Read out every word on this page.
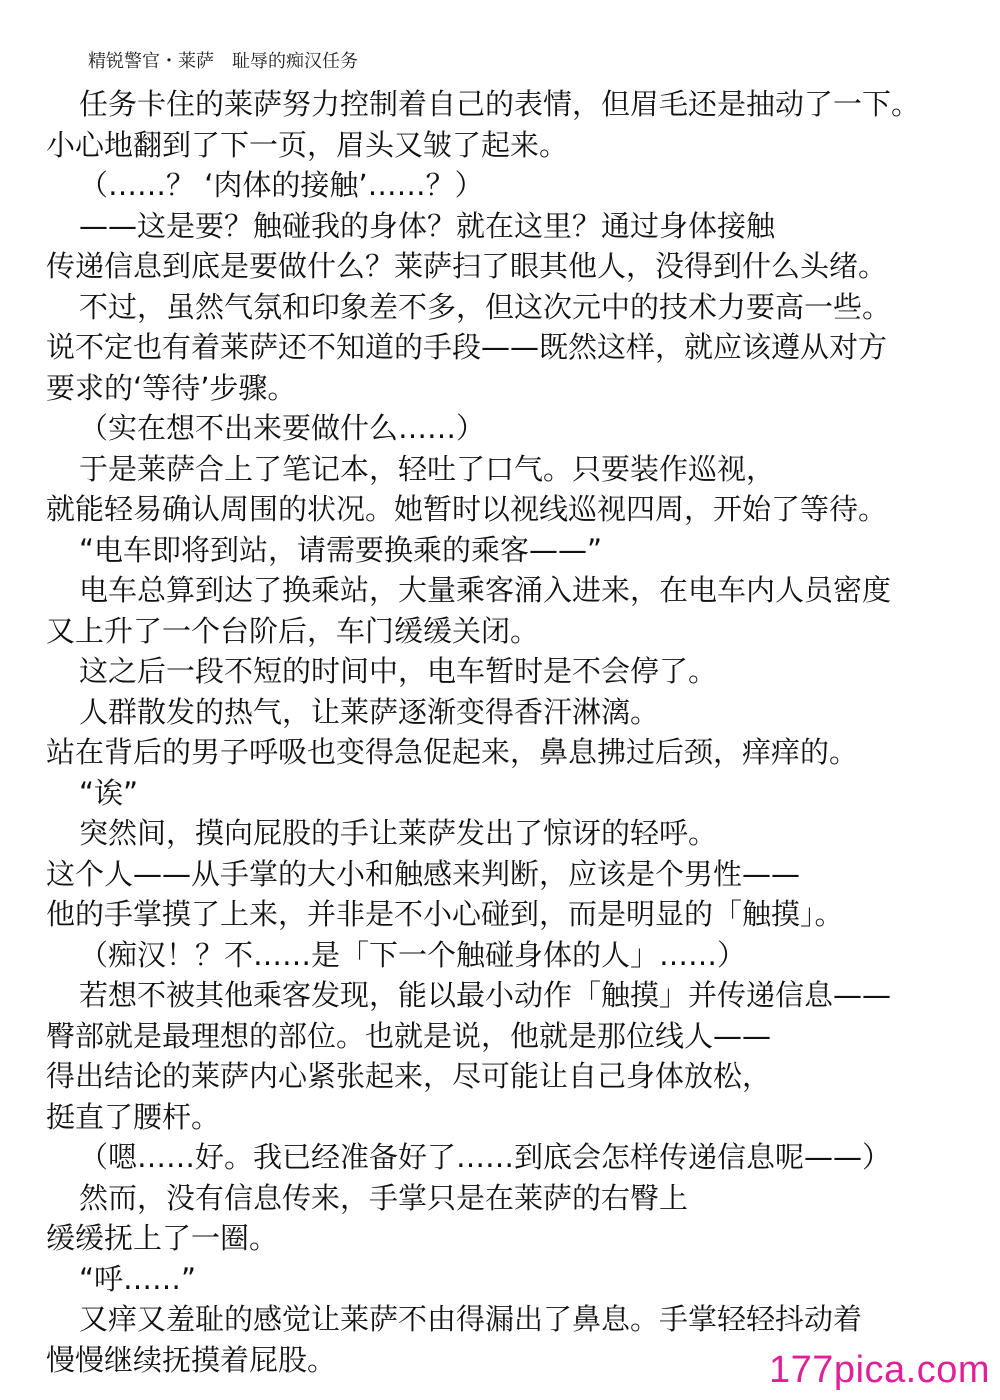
精锐警官・莱萨 耻辱的痴汉任务
任务卡住的莱萨努力控制着自己的表情，但眉毛还是抽动了一下。
小心地翻到了下一页，眉头又皱了起来。
（……？ ‘肉体的接触’……？）
——这是要？触碰我的身体？就在这里？通过身体接触
传递信息到底是要做什么？莱萨扫了眼其他人，没得到什么头绪。
不过，虽然气氛和印象差不多，但这次元中的技术力要高一些。
说不定也有着莱萨还不知道的手段——既然这样，就应该遵从对方
要求的‘等待’步骤。
（实在想不出来要做什么……）
于是莱萨合上了笔记本，轻吐了口气。只要装作巡视，
就能轻易确认周围的状况。她暂时以视线巡视四周，开始了等待。
“电车即将到站，请需要换乘的乘客——”
电车总算到达了换乘站，大量乘客涌入进来，在电车内人员密度
又上升了一个台阶后，车门缓缓关闭。
这之后一段不短的时间中，电车暂时是不会停了。
人群散发的热气，让莱萨逐渐变得香汗淋漓。
站在背后的男子呼吸也变得急促起来，鼻息拂过后颈，痒痒的。
“诶”
突然间，摸向屁股的手让莱萨发出了惊讶的轻呼。
这个人——从手掌的大小和触感来判断，应该是个男性——
他的手掌摸了上来，并非是不小心碰到，而是明显的「触摸」。
（痴汉！？不……是「下一个触碰身体的人」……）
若想不被其他乘客发现，能以最小动作「触摸」并传递信息——
臀部就是最理想的部位。也就是说，他就是那位线人——
得出结论的莱萨内心紧张起来，尽可能让自己身体放松，
挺直了腰杆。
（嗯……好。我已经准备好了……到底会怎样传递信息呢——）
然而，没有信息传来，手掌只是在莱萨的右臀上
缓缓抚上了一圈。
“呼……”
又痒又羞耻的感觉让莱萨不由得漏出了鼻息。手掌轻轻抖动着
慢慢继续抚摸着屁股。	177pica.com
